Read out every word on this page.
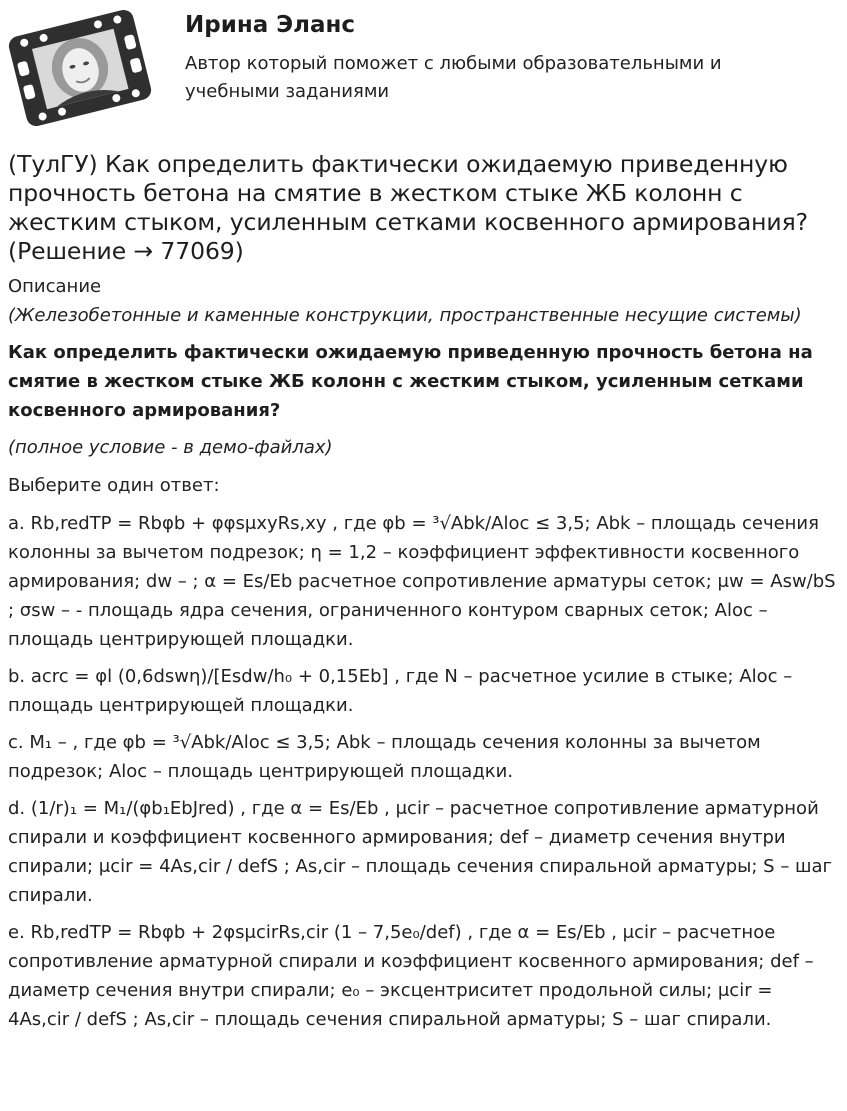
Ирина Эланс
Автор который поможет с любыми образовательными и учебными заданиями
(ТулГУ) Как определить фактически ожидаемую приведенную прочность бетона на смятие в жестком стыке ЖБ колонн с жестким стыком, усиленным сетками косвенного армирования? (Решение → 77069)

Описание

(Железобетонные и каменные конструкции, пространственные несущие системы)

Как определить фактически ожидаемую приведенную прочность бетона на смятие в жестком стыке ЖБ колонн с жестким стыком, усиленным сетками косвенного армирования?

(полное условие - в демо-файлах)

Выберите один ответ:

a. Rb,redTP = Rbφb + φφsμxyRs,xy , где φb = ³√Abk/Aloc ≤ 3,5; Abk – площадь сечения колонны за вычетом подрезок; η = 1,2 – коэффициент эффективности косвенного армирования; dw – ; α = Es/Eb расчетное сопротивление арматуры сеток; μw = Asw/bS ; σsw – - площадь ядра сечения, ограниченного контуром сварных сеток; Aloc – площадь центрирующей площадки.

b. acrc = φl (0,6dswη)/[Esdw/h₀ + 0,15Eb] , где N – расчетное усилие в стыке; Aloc – площадь центрирующей площадки.

c. M₁ – , где φb = ³√Abk/Aloc ≤ 3,5; Abk – площадь сечения колонны за вычетом подрезок; Aloc – площадь центрирующей площадки.

d. (1/r)₁ = M₁/(φb₁EbJred) , где α = Es/Eb , μcir – расчетное сопротивление арматурной спирали и коэффициент косвенного армирования; def – диаметр сечения внутри спирали; μcir = 4As,cir / defS ; As,cir – площадь сечения спиральной арматуры; S – шаг спирали.

e. Rb,redTP = Rbφb + 2φsμcirRs,cir (1 – 7,5e₀/def) , где α = Es/Eb , μcir – расчетное сопротивление арматурной спирали и коэффициент косвенного армирования; def – диаметр сечения внутри спирали; e₀ – эксцентриситет продольной силы; μcir = 4As,cir / defS ; As,cir – площадь сечения спиральной арматуры; S – шаг спирали.
